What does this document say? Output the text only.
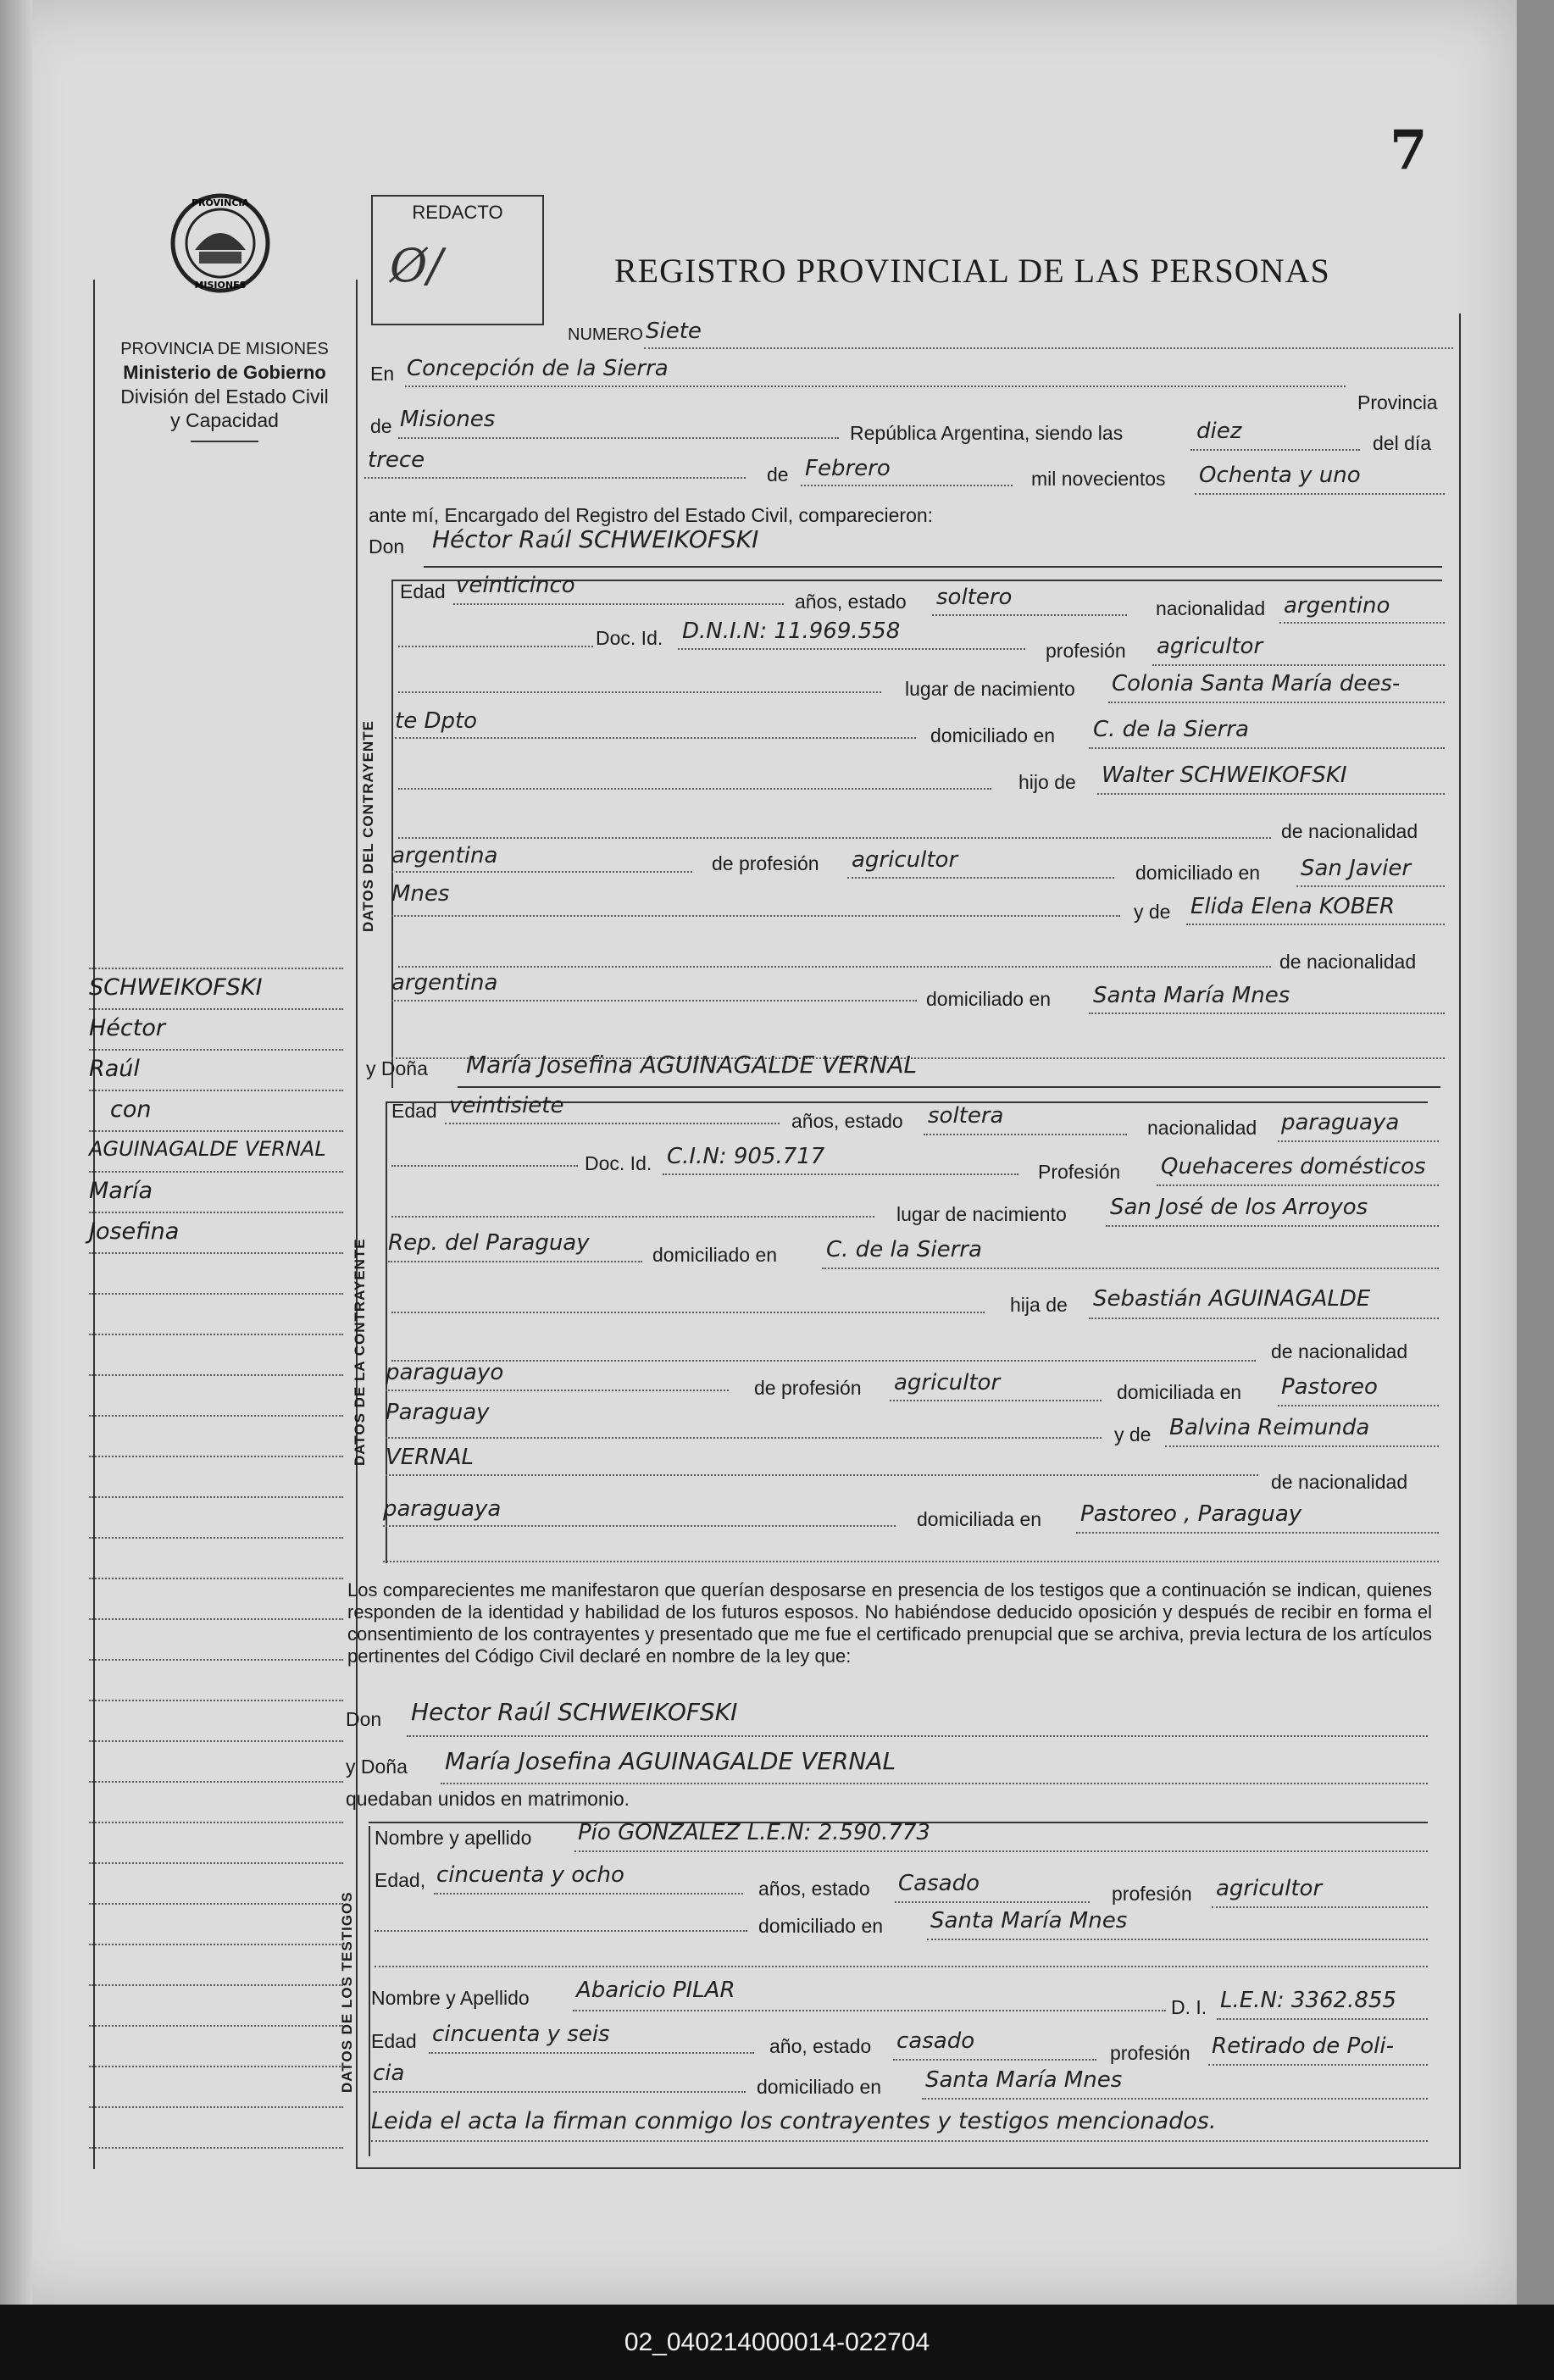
7
PROVINCIA
MISIONES
PROVINCIA DE MISIONES
Ministerio de Gobierno
División del Estado Civil
y Capacidad
REDACTO
Ø/	REGISTRO PROVINCIAL DE LAS PERSONAS
NUMERO Siete
En Concepción de la Sierra
Provincia
de Misiones
República Argentina, siendo las	diez	del día
trece
de Febrero	mil novecientos Ochenta y uno
ante mí, Encargado del Registro del Estado Civil, comparecieron:
Don Héctor Raúl SCHWEIKOFSKI
DATOS DEL CONTRAYENTE
Edad veinticinco
años, estado soltero	nacionalidad argentino
Doc. Id. D.N.I.N: 11.969.558
profesión agricultor
lugar de nacimiento Colonia Santa María dees-
te Dpto
domiciliado en C. de la Sierra
hijo de Walter SCHWEIKOFSKI
de nacionalidad
argentina	de profesión agricultor	domiciliado en San Javier
Mnes
y de Elida Elena KOBER
de nacionalidad
argentina
domiciliado en Santa María Mnes
y Doña María Josefina AGUINAGALDE VERNAL
DATOS DE LA CONTRAYENTE
Edad veintisiete
años, estado soltera	nacionalidad paraguaya
Doc. Id. C.I.N: 905.717
Profesión Quehaceres domésticos
lugar de nacimiento San José de los Arroyos
Rep. del Paraguay	domiciliado en C. de la Sierra
hija de Sebastián AGUINAGALDE
de nacionalidad
paraguayo
de profesión agricultor	domiciliada en Pastoreo
Paraguay
y de Balvina Reimunda
VERNAL
de nacionalidad
paraguaya	domiciliada en Pastoreo , Paraguay
Los comparecientes me manifestaron que querían desposarse en presencia de los testigos que a continuación se indican, quienes responden de la identidad y habilidad de los futuros esposos. No habiéndose deducido oposición y después de recibir en forma el consentimiento de los contrayentes y presentado que me fue el certificado prenupcial que se archiva, previa lectura de los artículos pertinentes del Código Civil declaré en nombre de la ley que:
Don Hector Raúl SCHWEIKOFSKI
y Doña María Josefina AGUINAGALDE VERNAL
quedaban unidos en matrimonio.
DATOS DE LOS TESTIGOS
Nombre y apellido Pío GONZALEZ L.E.N: 2.590.773
Edad, cincuenta y ocho
años, estado Casado	profesión agricultor
domiciliado en Santa María Mnes
Nombre y Apellido Abaricio PILAR
D. I. L.E.N: 3362.855
Edad cincuenta y seis	año, estado casado	profesión Retirado de Poli-
cia
domiciliado en Santa María Mnes
Leida el acta la firman conmigo los contrayentes y testigos mencionados.
SCHWEIKOFSKI
Héctor
Raúl
con
AGUINAGALDE VERNAL
María
Josefina
02_040214000014-022704
